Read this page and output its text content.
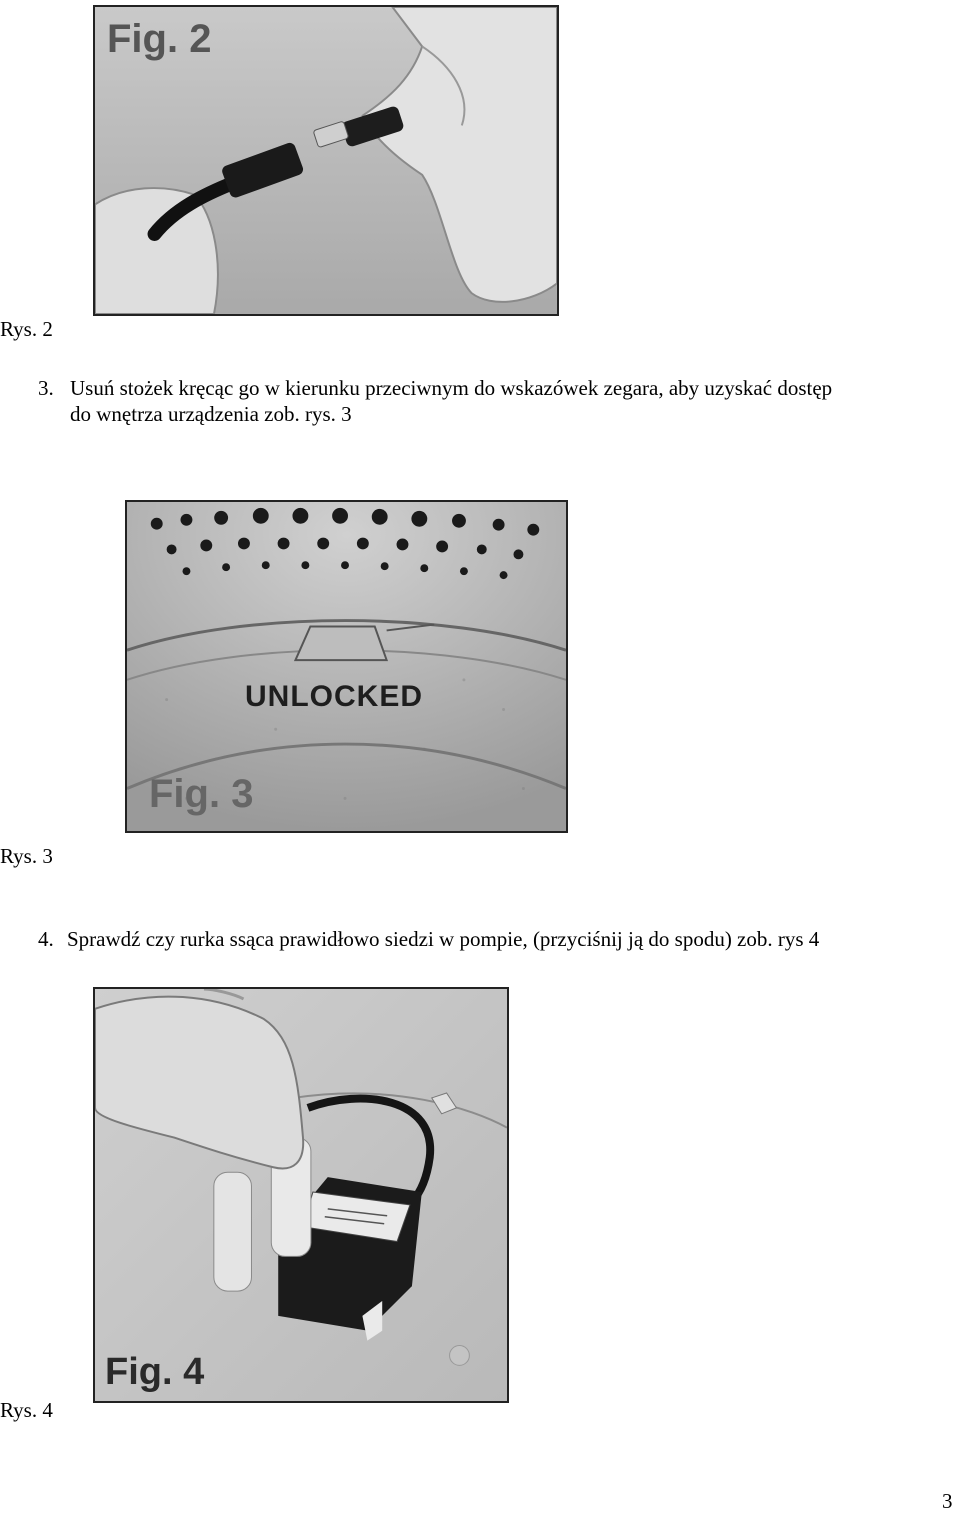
Fig. 2
Rys. 2
3. Usuń stożek kręcąc go w kierunku przeciwnym do wskazówek zegara, aby uzyskać dostęp
do wnętrza urządzenia zob. rys. 3
UNLOCKED
Fig. 3
Rys. 3
4. Sprawdź czy rurka ssąca prawidłowo siedzi w pompie, (przyciśnij ją do spodu) zob. rys 4
Fig. 4
Rys. 4
3
